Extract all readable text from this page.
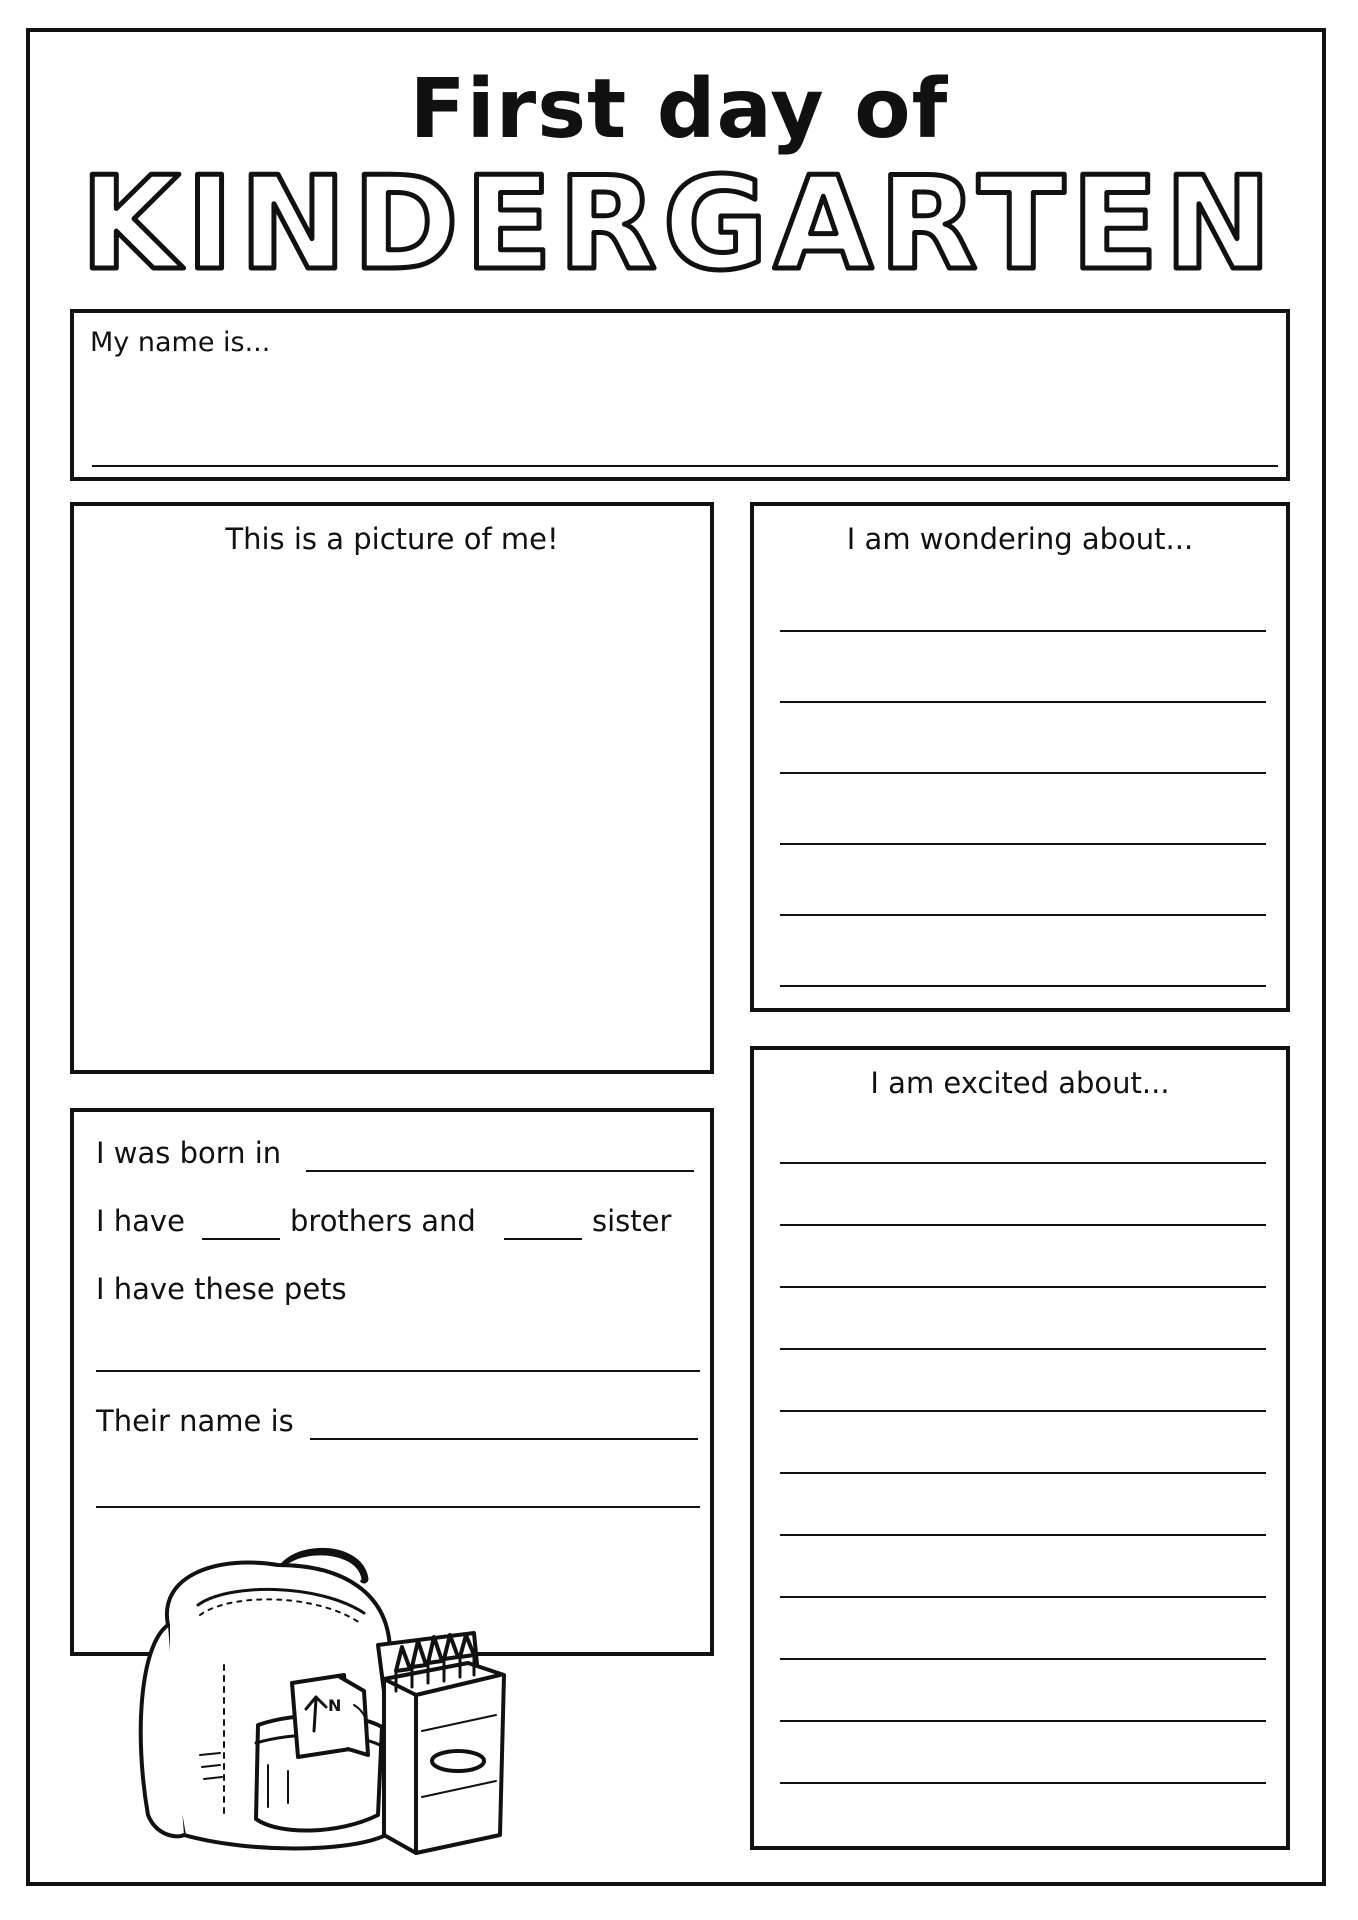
First day of
KINDERGARTEN
My name is...
This is a picture of me!	I am wondering about...
I was born in
I have	brothers and	sister
I have these pets
Their name is
I am excited about...
N
